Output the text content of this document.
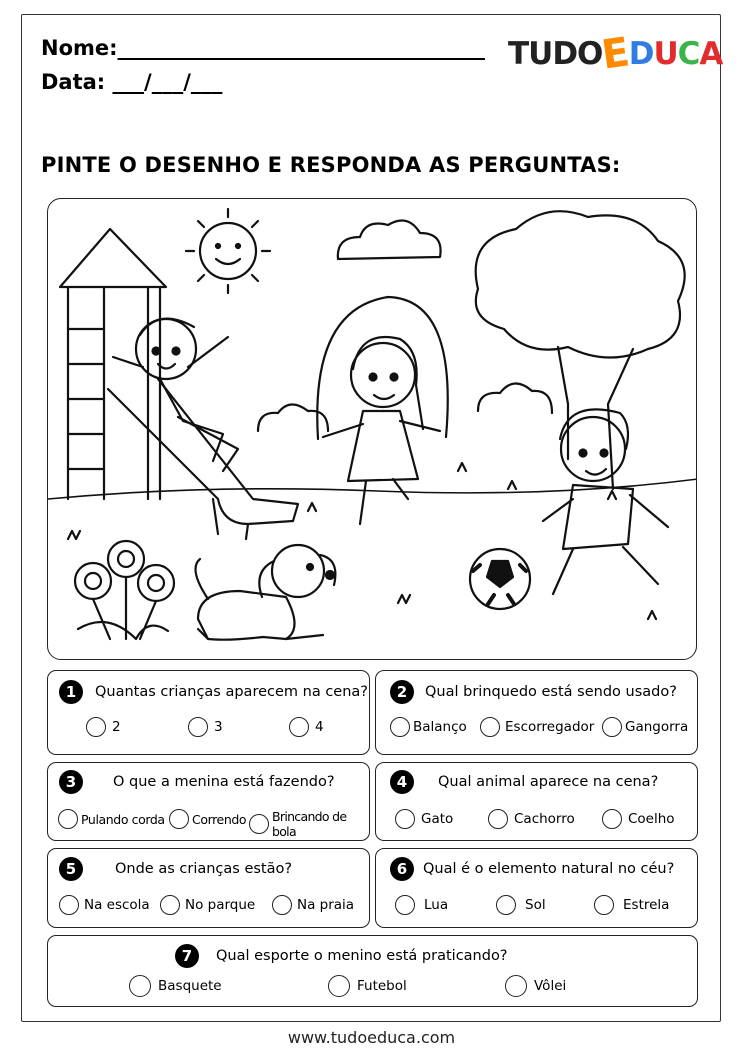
Nome:___________________________________
Data: ___/___/___
TUDO
E
D U C A
PINTE O DESENHO E RESPONDA AS PERGUNTAS:
1	Quantas crianças aparecem na cena?
2	3	4
2	Qual brinquedo está sendo usado?
Balanço	Escorregador Gangorra
3	O que a menina está fazendo?
Pulando corda Correndo Brincando de bola
4	Qual animal aparece na cena?
Gato	Cachorro	Coelho
5	Onde as crianças estão?
Na escola	No parque	Na praia
6	Qual é o elemento natural no céu?
Lua	Sol	Estrela
7	Qual esporte o menino está praticando?
Basquete	Futebol	Vôlei
www.tudoeduca.com
